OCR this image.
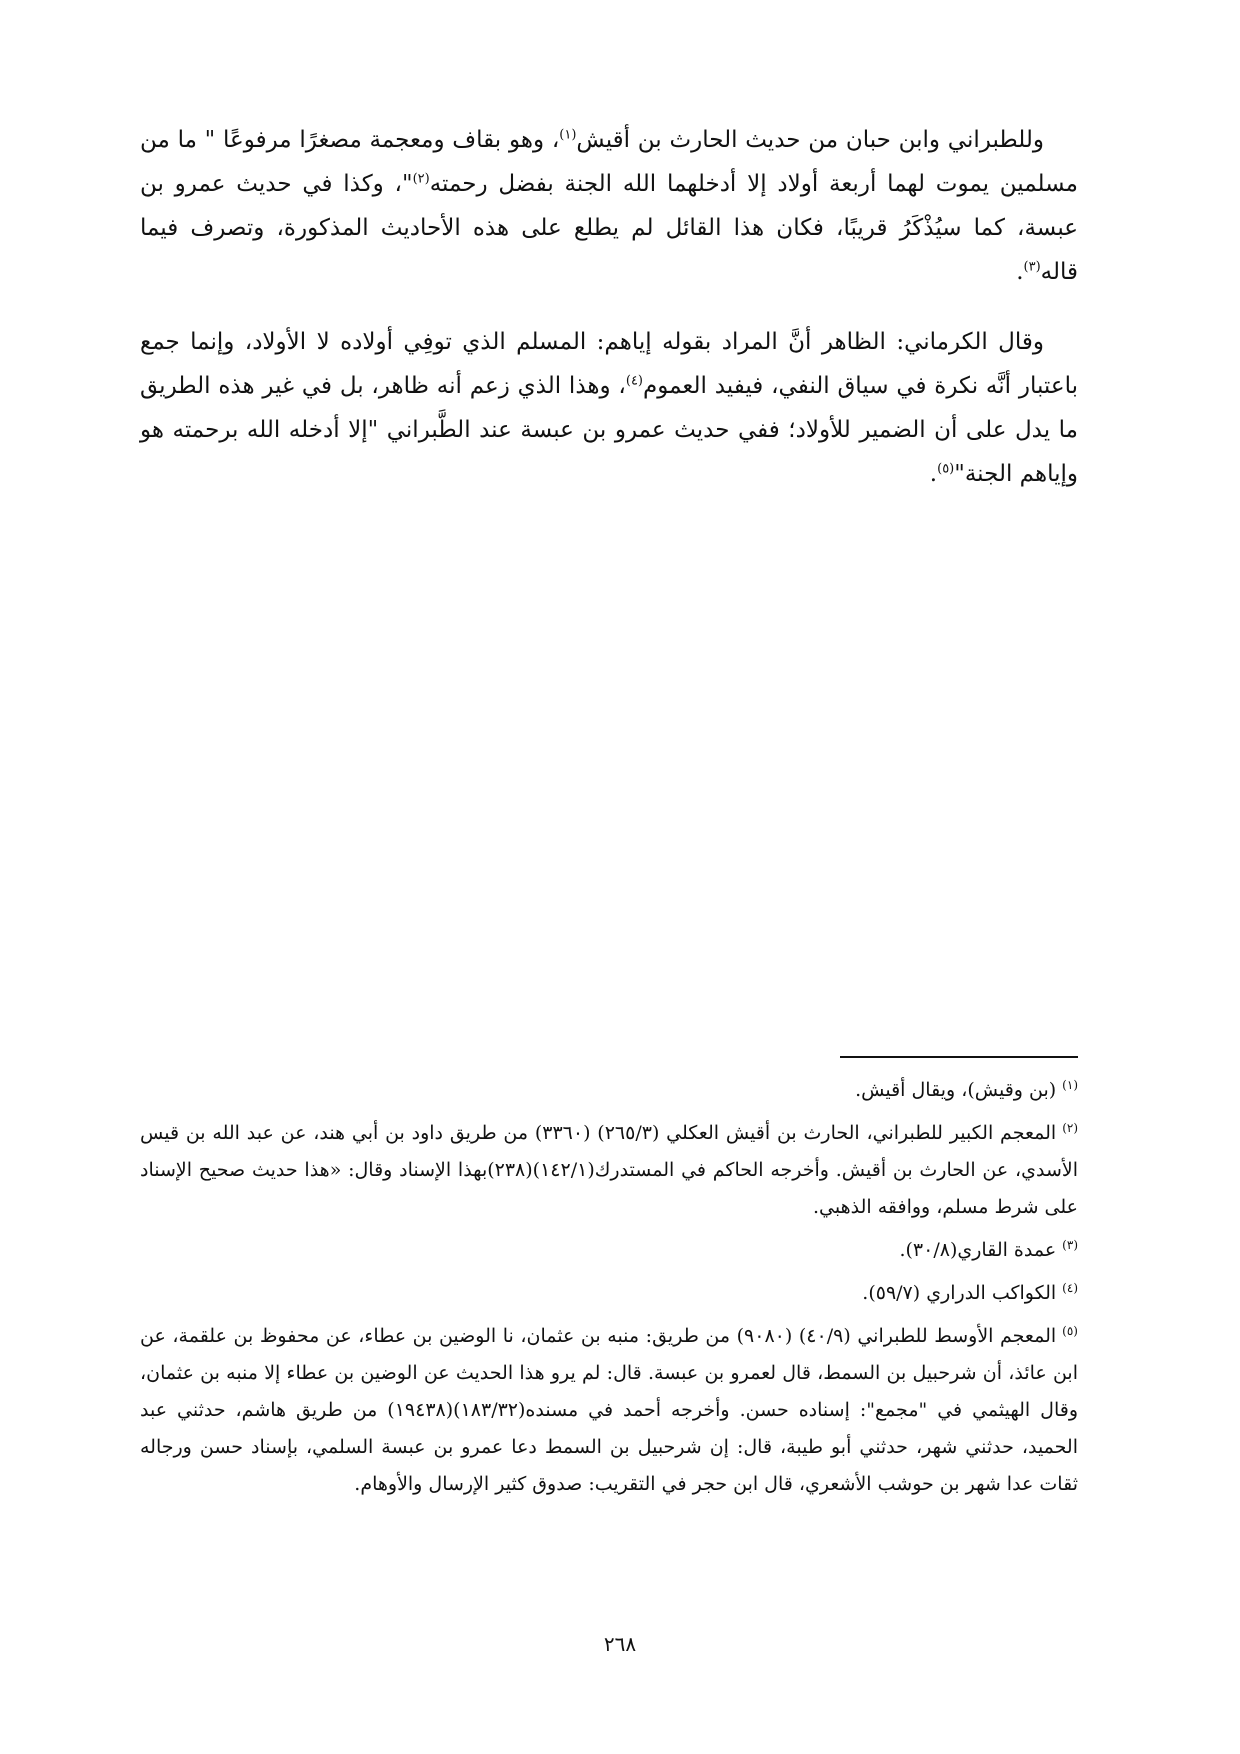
وللطبراني وابن حبان من حديث الحارث بن أقيش$^{(١)}$، وهو بقاف ومعجمة مصغرًا مرفوعًا " ما من مسلمين يموت لهما أربعة أولاد إلا أدخلهما الله الجنة بفضل رحمته$^{(٢)}$"، وكذا في حديث عمرو بن عبسة، كما سيُذْكَرُ قريبًا، فكان هذا القائل لم يطلع على هذه الأحاديث المذكورة، وتصرف فيما قاله$^{(٣)}$.

وقال الكرماني: الظاهر أنَّ المراد بقوله إياهم: المسلم الذي توفِي أولاده لا الأولاد، وإنما جمع باعتبار أنَّه نكرة في سياق النفي، فيفيد العموم$^{(٤)}$، وهذا الذي زعم أنه ظاهر، بل في غير هذه الطريق ما يدل على أن الضمير للأولاد؛ ففي حديث عمرو بن عبسة عند الطَّبراني "إلا أدخله الله برحمته هو وإياهم الجنة"$^{(٥)}$.

$^{(١)}$(بن وقيش)، ويقال أقيش.
$^{(٢)}$المعجم الكبير للطبراني، الحارث بن أقيش العكلي (٢٦٥/٣) (٣٣٦٠) من طريق داود بن أبي هند، عن عبد الله بن قيس الأسدي، عن الحارث بن أقيش. وأخرجه الحاكم في المستدرك(١٤٢/١)(٢٣٨)بهذا الإسناد وقال: «هذا حديث صحيح الإسناد على شرط مسلم، ووافقه الذهبي.
$^{(٣)}$عمدة القاري(٣٠/٨).
$^{(٤)}$الكواكب الدراري (٥٩/٧).
$^{(٥)}$المعجم الأوسط للطبراني (٤٠/٩) (٩٠٨٠) من طريق: منبه بن عثمان، نا الوضين بن عطاء، عن محفوظ بن علقمة، عن ابن عائذ، أن شرحبيل بن السمط، قال لعمرو بن عبسة. قال: لم يرو هذا الحديث عن الوضين بن عطاء إلا منبه بن عثمان، وقال الهيثمي في "مجمع": إسناده حسن. وأخرجه أحمد في مسنده(١٨٣/٣٢)(١٩٤٣٨) من طريق هاشم، حدثني عبد الحميد، حدثني شهر، حدثني أبو طيبة، قال: إن شرحبيل بن السمط دعا عمرو بن عبسة السلمي، بإسناد حسن ورجاله ثقات عدا شهر بن حوشب الأشعري، قال ابن حجر في التقريب: صدوق كثير الإرسال والأوهام.
٢٦٨
